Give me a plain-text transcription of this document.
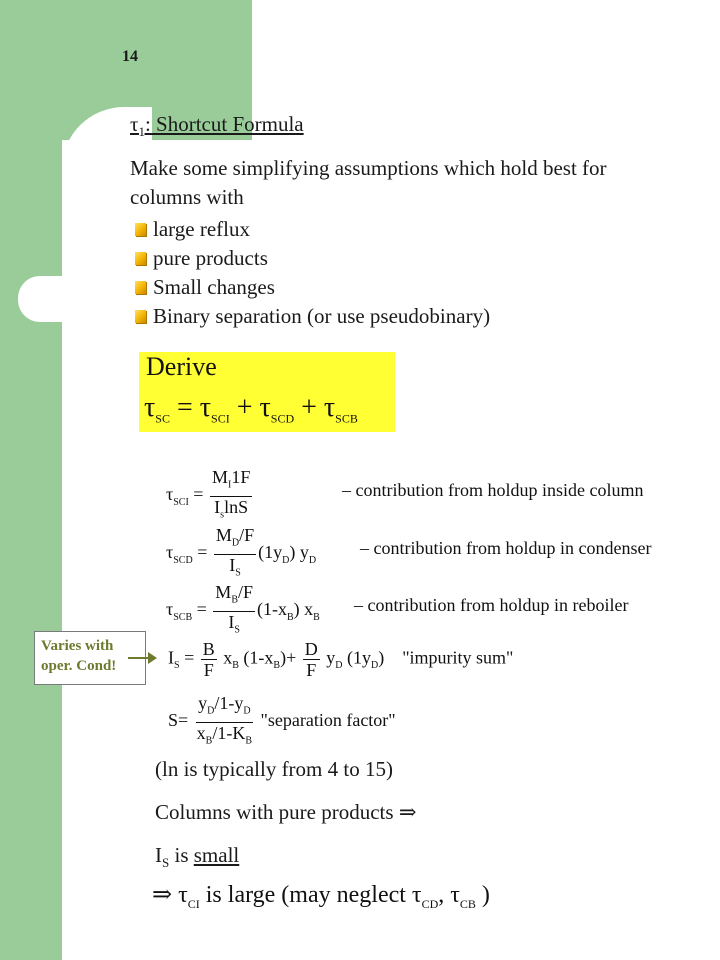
14
$\tau_1$: Shortcut Formula
Make some simplifying assumptions which hold best for columns with
large reflux
pure products
Small changes
Binary separation (or use pseudobinary)
Derive
$\tau_{SC} = \tau_{SCI} + \tau_{SCD} + \tau_{SCB}$
$\tau_{SCI} = \frac{M_I1F}{I_s\ln S}$	– contribution from holdup inside column
$\tau_{SCD} = \frac{M_D/F}{I_S} (1y_D)$ $y_D$
– contribution from holdup in condenser
$\tau_{SCB} = \frac{M_B/F}{I_S} (1-x_B)$ $x_B$
– contribution from holdup in reboiler
Varies with
oper. Cond!	$I_S = \frac{B}{F} x_B$ $(1-x_B)+ \frac{D}{F} y_D$ $(1y_D)$ "impurity sum"
$S= \frac{y_D/1-y_D}{x_B/1-K_B}$ "separation factor"
(ln is typically from 4 to 15)
Columns with pure products ⇒
$I_S$ is small
⇒ $\tau_{CI}$ is large (may neglect $\tau_{CD}$, $\tau_{CB}$ )
